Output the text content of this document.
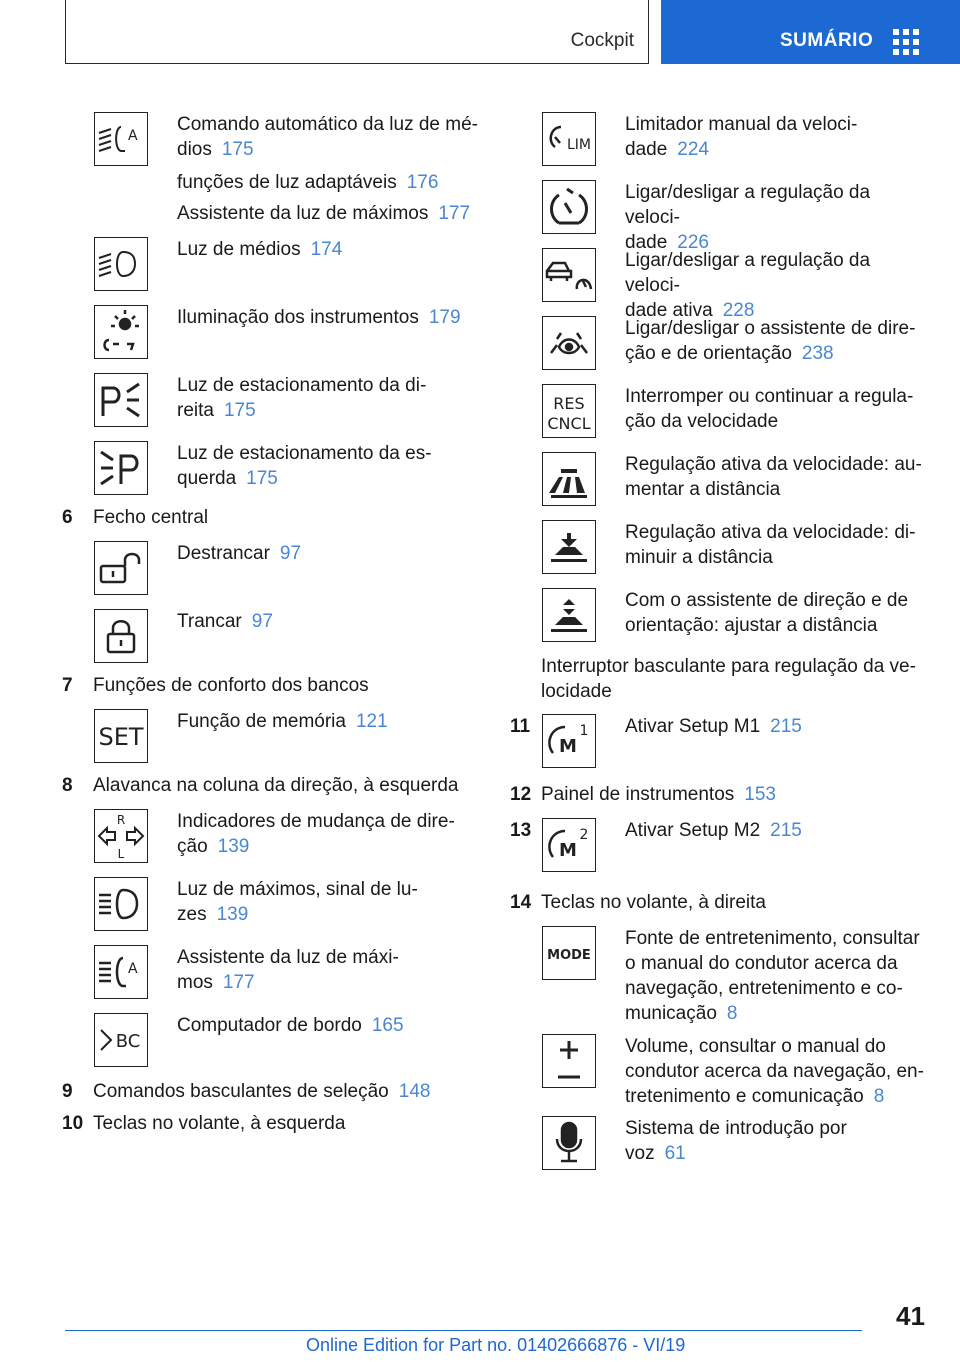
Cockpit	SUMÁRIO
A
Comando automático da luz de mé-
dios 175
funções de luz adaptáveis 176
Assistente da luz de máximos 177
Luz de médios 174
Iluminação dos instrumentos 179
Luz de estacionamento da di-
reita 175
Luz de estacionamento da es-
querda 175
6	Fecho central
Destrancar 97
Trancar 97
7	Funções de conforto dos bancos
SET
Função de memória 121
8	Alavanca na coluna da direção, à esquerda
R
L
Indicadores de mudança de dire-
ção 139
Luz de máximos, sinal de lu-
zes 139
A
Assistente da luz de máxi-
mos 177
BC
Computador de bordo 165
9	Comandos basculantes de seleção 148
10 Teclas no volante, à esquerda
LIM
Limitador manual da veloci-
dade 224
Ligar/desligar a regulação da veloci-
dade 226
Ligar/desligar a regulação da veloci-
dade ativa 228
Ligar/desligar o assistente de dire-
ção e de orientação 238
RES
CNCL
Interromper ou continuar a regula-
ção da velocidade
Regulação ativa da velocidade: au-
mentar a distância
Regulação ativa da velocidade: di-
minuir a distância
Com o assistente de direção e de
orientação: ajustar a distância
Interruptor basculante para regulação da ve-
locidade
11
M
1 Ativar Setup M1 215
12 Painel de instrumentos 153
13
M
2 Ativar Setup M2 215
14 Teclas no volante, à direita
MODE
Fonte de entretenimento, consultar
o manual do condutor acerca da
navegação, entretenimento e co-
municação 8
Volume, consultar o manual do
condutor acerca da navegação, en-
tretenimento e comunicação 8
Sistema de introdução por
voz 61
41
Online Edition for Part no. 01402666876 - VI/19
